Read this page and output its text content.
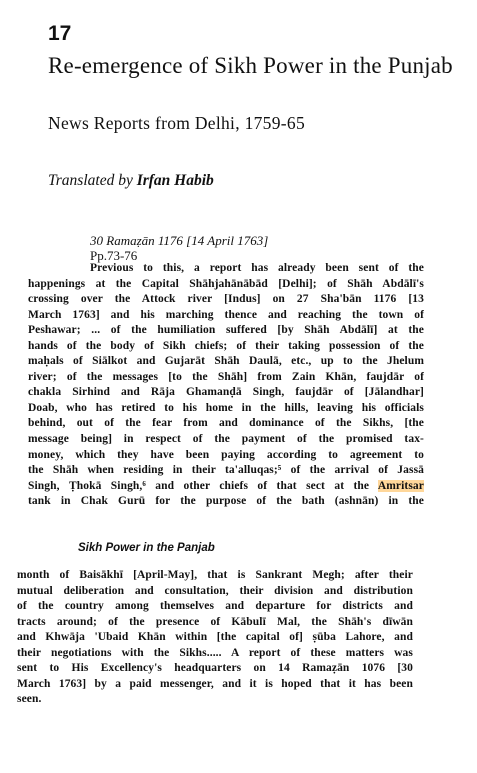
17
Re-emergence of Sikh Power in the Punjab
News Reports from Delhi, 1759-65
Translated by Irfan Habib
30 Ramaẓān 1176 [14 April 1763]
Pp.73-76
Previous to this, a report has already been sent of the
happenings at the Capital Shāhjahānābād [Delhi]; of Shāh Abdālī's
crossing over the Attock river [Indus] on 27 Sha'bān 1176 [13
March 1763] and his marching thence and reaching the town of
Peshawar; ... of the humiliation suffered [by Shāh Abdālī] at the
hands of the body of Sikh chiefs; of their taking possession of the
maḥals of Siālkot and Gujarāt Shāh Daulā, etc., up to the Jhelum
river; of the messages [to the Shāh] from Zain Khān, faujdār of
chakla Sirhind and Rāja Ghamanḍā Singh, faujdār of [Jālandhar]
Doab, who has retired to his home in the hills, leaving his officials
behind, out of the fear from and dominance of the Sikhs, [the
message being] in respect of the payment of the promised tax-
money, which they have been paying according to agreement to
the Shāh when residing in their ta'alluqas;⁵ of the arrival of Jassā
Singh, Ṭhokā Singh,⁶ and other chiefs of that sect at the Amritsar
tank in Chak Gurū for the purpose of the bath (ashnān) in the
Sikh Power in the Panjab
month of Baisākhī [April-May], that is Sankrant Megh; after their
mutual deliberation and consultation, their division and distribution
of the country among themselves and departure for districts and
tracts around; of the presence of Kābulī Mal, the Shāh's dīwān
and Khwāja 'Ubaid Khān within [the capital of] ṣūba Lahore, and
their negotiations with the Sikhs..... A report of these matters was
sent to His Excellency's headquarters on 14 Ramaẓān 1076 [30
March 1763] by a paid messenger, and it is hoped that it has been
seen.
